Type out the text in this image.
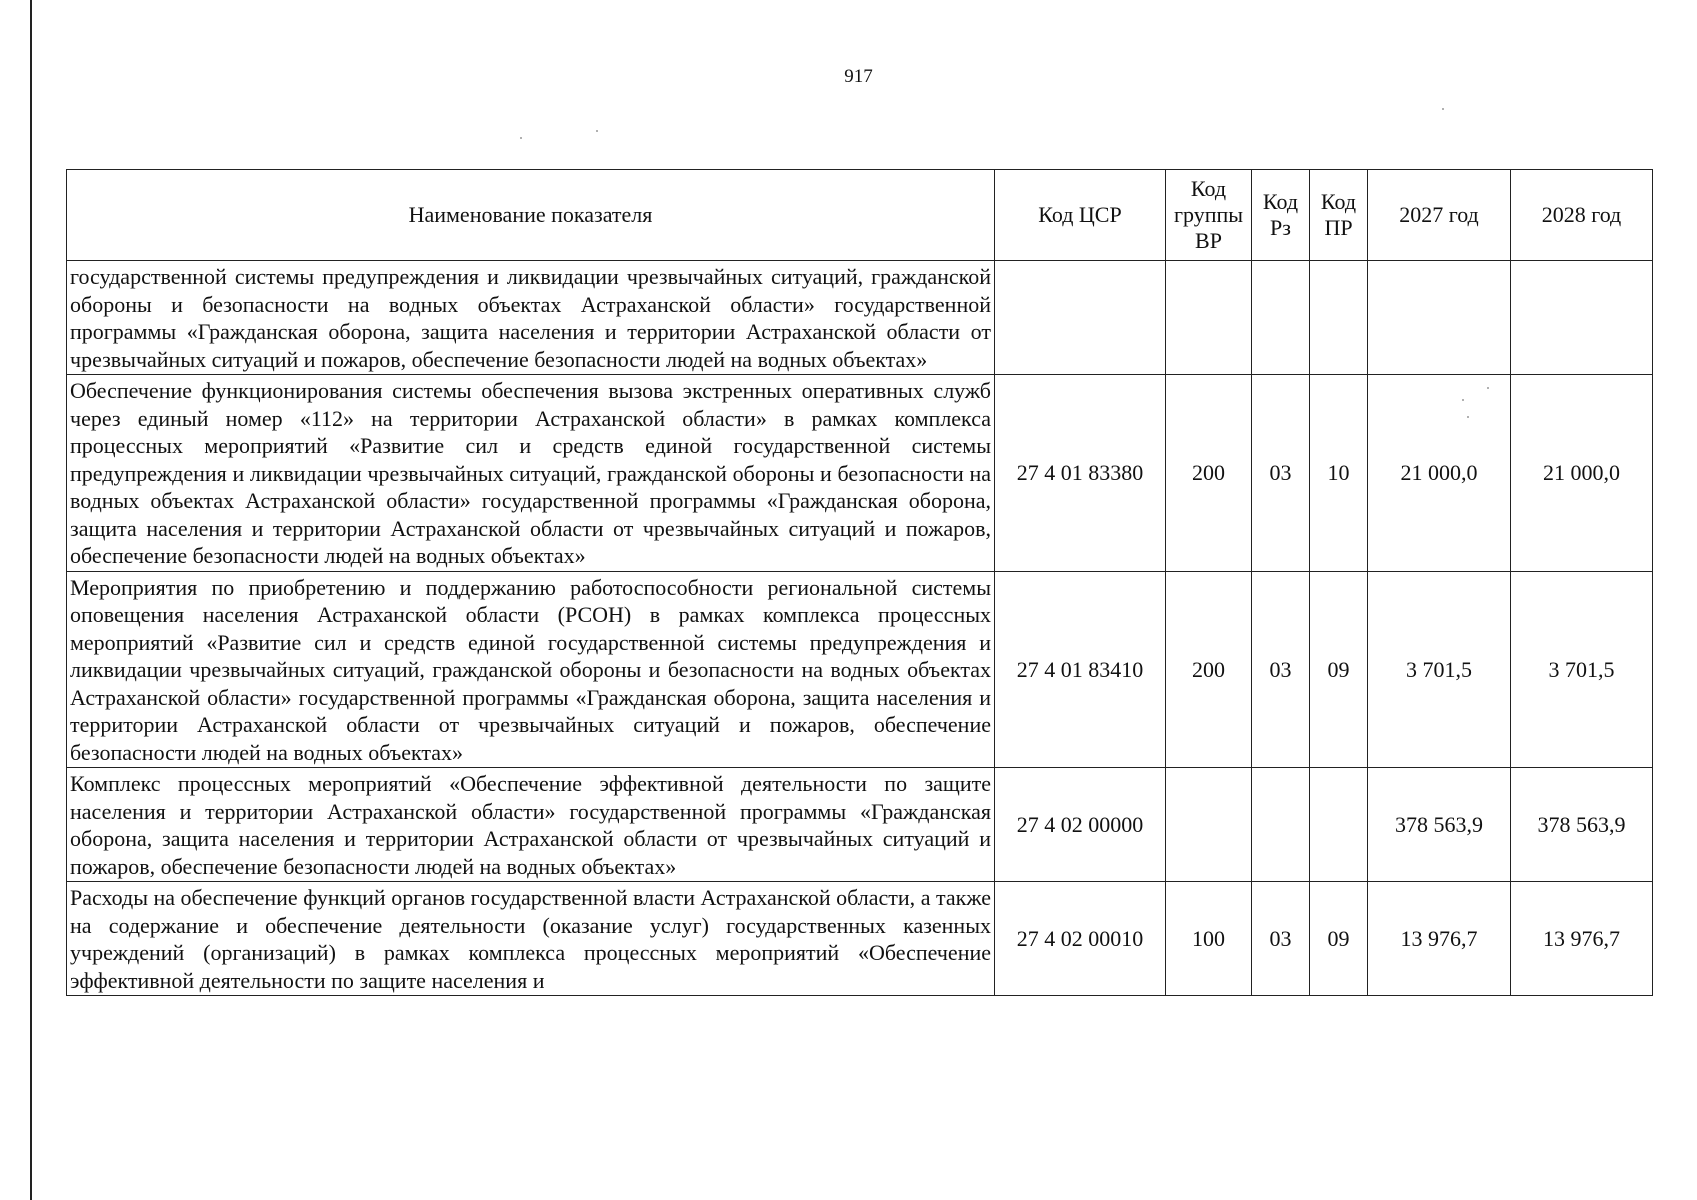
917
Наименование показателя	Код ЦСР	Код группы ВР	Код Рз	Код ПР	2027 год	2028 год
государственной системы предупреждения и ликвидации чрезвычайных ситуаций, гражданской обороны и безопасности на водных объектах Астраханской области» государственной программы «Гражданская оборона, защита населения и территории Астраханской области от чрезвычайных ситуаций и пожаров, обеспечение безопасности людей на водных объектах»						
Обеспечение функционирования системы обеспечения вызова экстренных оперативных служб через единый номер «112» на территории Астраханской области» в рамках комплекса процессных мероприятий «Развитие сил и средств единой государственной системы предупреждения и ликвидации чрезвычайных ситуаций, гражданской обороны и безопасности на водных объектах Астраханской области» государственной программы «Гражданская оборона, защита населения и территории Астраханской области от чрезвычайных ситуаций и пожаров, обеспечение безопасности людей на водных объектах»	27 4 01 83380	200	03	10	21 000,0	21 000,0
Мероприятия по приобретению и поддержанию работоспособности региональной системы оповещения населения Астраханской области (РСОН) в рамках комплекса процессных мероприятий «Развитие сил и средств единой государственной системы предупреждения и ликвидации чрезвычайных ситуаций, гражданской обороны и безопасности на водных объектах Астраханской области» государственной программы «Гражданская оборона, защита населения и территории Астраханской области от чрезвычайных ситуаций и пожаров, обеспечение безопасности людей на водных объектах»	27 4 01 83410	200	03	09	3 701,5	3 701,5
Комплекс процессных мероприятий «Обеспечение эффективной деятельности по защите населения и территории Астраханской области» государственной программы «Гражданская оборона, защита населения и территории Астраханской области от чрезвычайных ситуаций и пожаров, обеспечение безопасности людей на водных объектах»	27 4 02 00000				378 563,9	378 563,9
Расходы на обеспечение функций органов государственной власти Астраханской области, а также на содержание и обеспечение деятельности (оказание услуг) государственных казенных учреждений (организаций) в рамках комплекса процессных мероприятий «Обеспечение эффективной деятельности по защите населения и	27 4 02 00010	100	03	09	13 976,7	13 976,7
